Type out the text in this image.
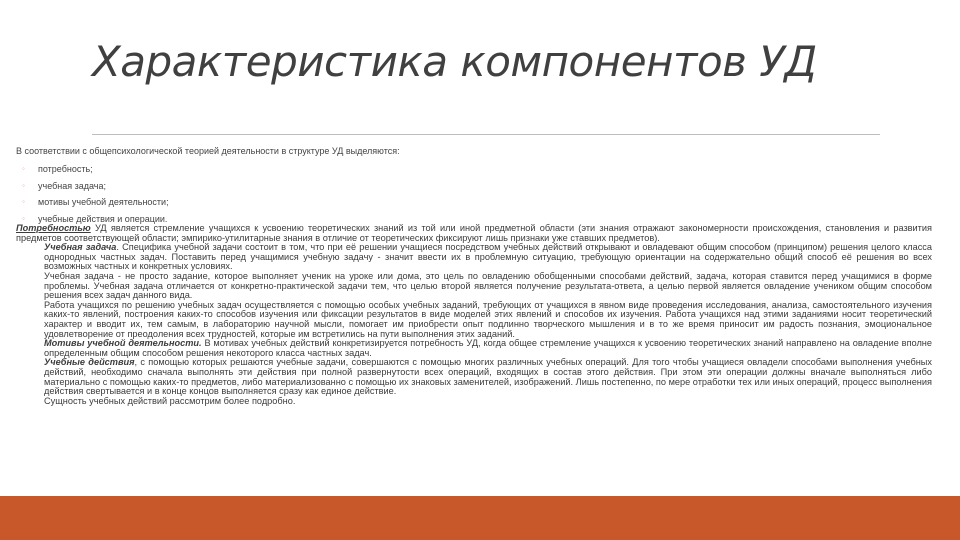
Характеристика компонентов УД

В соответствии с общепсихологической теорией деятельности в структуре УД выделяются:

◦ потребность;
◦ учебная задача;
◦ мотивы учебной деятельности;
◦ учебные действия и операции.

Потребностью УД является стремление учащихся к усвоению теоретических знаний из той или иной предметной области (эти знания отражают закономерности происхождения, становления и развития предметов соответствующей области; эмпирико-утилитарные знания в отличие от теоретических фиксируют лишь признаки уже ставших предметов).

Учебная задача. Специфика учебной задачи состоит в том, что при её решении учащиеся посредством учебных действий открывают и овладевают общим способом (принципом) решения целого класса однородных частных задач. Поставить перед учащимися учебную задачу - значит ввести их в проблемную ситуацию, требующую ориентации на содержательно общий способ её решения во всех возможных частных и конкретных условиях.

Учебная задача - не просто задание, которое выполняет ученик на уроке или дома, это цель по овладению обобщенными способами действий, задача, которая ставится перед учащимися в форме проблемы. Учебная задача отличается от конкретно-практической задачи тем, что целью второй является получение результата-ответа, а целью первой является овладение учеником общим способом решения всех задач данного вида.

Работа учащихся по решению учебных задач осуществляется с помощью особых учебных заданий, требующих от учащихся в явном виде проведения исследования, анализа, самостоятельного изучения каких-то явлений, построения каких-то способов изучения или фиксации результатов в виде моделей этих явлений и способов их изучения. Работа учащихся над этими заданиями носит теоретический характер и вводит их, тем самым, в лабораторию научной мысли, помогает им приобрести опыт подлинно творческого мышления и в то же время приносит им радость познания, эмоциональное удовлетворение от преодоления всех трудностей, которые им встретились на пути выполнения этих заданий.

Мотивы учебной деятельности. В мотивах учебных действий конкретизируется потребность УД, когда общее стремление учащихся к усвоению теоретических знаний направлено на овладение вполне определенным общим способом решения некоторого класса частных задач.

Учебные действия, с помощью которых решаются учебные задачи, совершаются с помощью многих различных учебных операций. Для того чтобы учащиеся овладели способами выполнения учебных действий, необходимо сначала выполнять эти действия при полной развернутости всех операций, входящих в состав этого действия. При этом эти операции должны вначале выполняться либо материально с помощью каких-то предметов, либо материализованно с помощью их знаковых заменителей, изображений. Лишь постепенно, по мере отработки тех или иных операций, процесс выполнения действия свертывается и в конце концов выполняется сразу как единое действие.

Сущность учебных действий рассмотрим более подробно.
